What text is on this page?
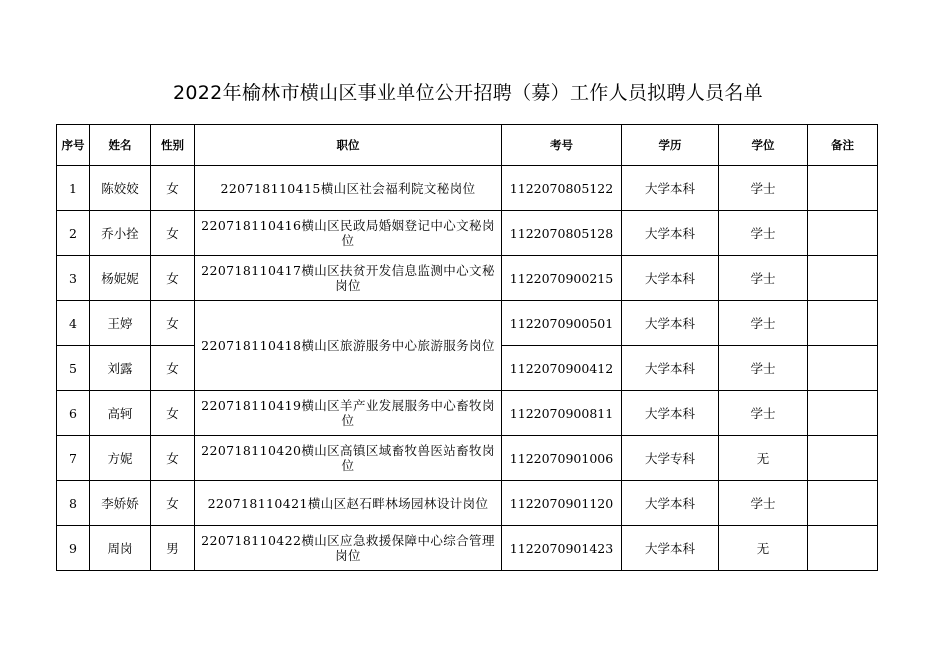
2022年榆林市横山区事业单位公开招聘（募）工作人员拟聘人员名单
序号	姓名	性别	职位	考号	学历	学位	备注
1	陈姣姣	女	220718110415横山区社会福利院文秘岗位	1122070805122	大学本科	学士	
2	乔小拴	女	220718110416横山区民政局婚姻登记中心文秘岗位	1122070805128	大学本科	学士	
3	杨妮妮	女	220718110417横山区扶贫开发信息监测中心文秘岗位	1122070900215	大学本科	学士	
4	王婷	女	220718110418横山区旅游服务中心旅游服务岗位	1122070900501	大学本科	学士	
5	刘露	女		1122070900412	大学本科	学士	
6	高轲	女	220718110419横山区羊产业发展服务中心畜牧岗位	1122070900811	大学本科	学士	
7	方妮	女	220718110420横山区高镇区域畜牧兽医站畜牧岗位	1122070901006	大学专科	无	
8	李娇娇	女	220718110421横山区赵石畔林场园林设计岗位	1122070901120	大学本科	学士	
9	周岗	男	220718110422横山区应急救援保障中心综合管理岗位	1122070901423	大学本科	无	
